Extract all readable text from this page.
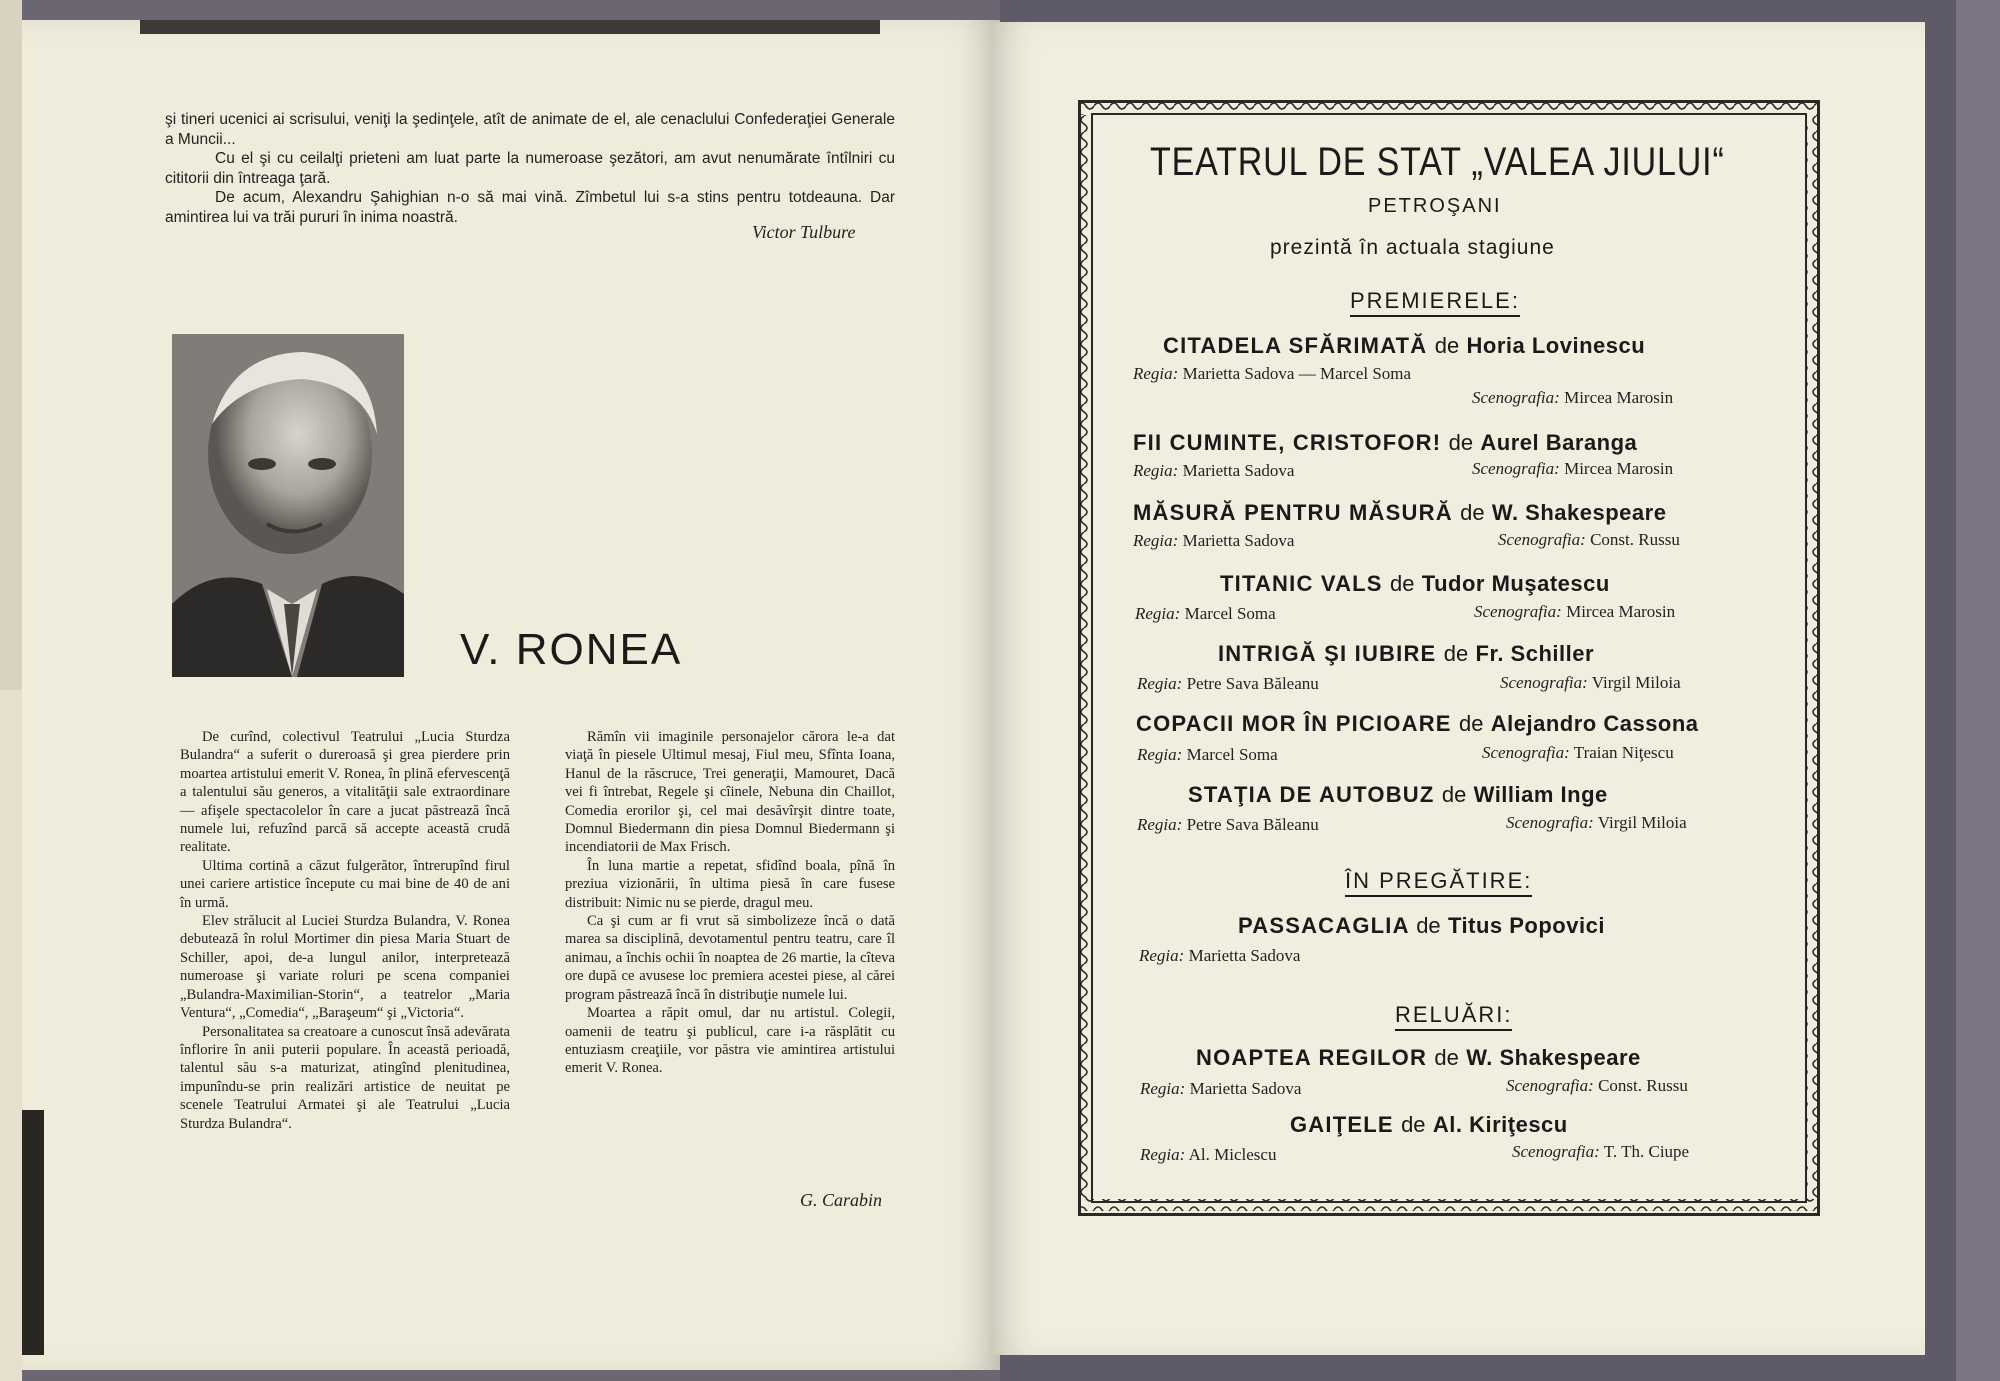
şi tineri ucenici ai scrisului, veniţi la şedinţele, atît de animate de el, ale cenaclului Confederaţiei Generale a Muncii...

Cu el şi cu ceilalţi prieteni am luat parte la numeroase şezători, am avut nenumărate întîlniri cu cititorii din întreaga ţară.

De acum, Alexandru Şahighian n-o să mai vină. Zîmbetul lui s-a stins pentru totdeauna. Dar amintirea lui va trăi pururi în inima noastră.

Victor Tulbure
V. RONEA

De curînd, colectivul Teatrului „Lucia Sturdza Bulandra“ a suferit o dureroasă şi grea pierdere prin moartea artistului emerit V. Ronea, în plină efervescenţă a talentului său generos, a vitalităţii sale extraordinare — afişele spectacolelor în care a jucat păstrează încă numele lui, refuzînd parcă să accepte această crudă realitate.

Ultima cortină a căzut fulgerător, întrerupînd firul unei cariere artistice începute cu mai bine de 40 de ani în urmă.

Elev strălucit al Luciei Sturdza Bulandra, V. Ronea debutează în rolul Mortimer din piesa Maria Stuart de Schiller, apoi, de-a lungul anilor, interpretează numeroase şi variate roluri pe scena companiei „Bulandra-Maximilian-Storin“, a teatrelor „Maria Ventura“, „Comedia“, „Baraşeum“ şi „Victoria“.

Personalitatea sa creatoare a cunoscut însă adevărata înflorire în anii puterii populare. În această perioadă, talentul său s-a maturizat, atingînd plenitudinea, impunîndu-se prin realizări artistice de neuitat pe scenele Teatrului Armatei şi ale Teatrului „Lucia Sturdza Bulandra“.

Rămîn vii imaginile personajelor cărora le-a dat viaţă în piesele Ultimul mesaj, Fiul meu, Sfînta Ioana, Hanul de la răscruce, Trei generaţii, Mamouret, Dacă vei fi întrebat, Regele şi cîinele, Nebuna din Chaillot, Comedia erorilor şi, cel mai desăvîrşit dintre toate, Domnul Biedermann din piesa Domnul Biedermann şi incendiatorii de Max Frisch.

În luna martie a repetat, sfidînd boala, pînă în preziua vizionării, în ultima piesă în care fusese distribuit: Nimic nu se pierde, dragul meu.

Ca şi cum ar fi vrut să simbolizeze încă o dată marea sa disciplină, devotamentul pentru teatru, care îl animau, a închis ochii în noaptea de 26 martie, la cîteva ore după ce avusese loc premiera acestei piese, al cărei program păstrează încă în distribuţie numele lui.

Moartea a răpit omul, dar nu artistul. Colegii, oamenii de teatru şi publicul, care i-a răsplătit cu entuziasm creaţiile, vor păstra vie amintirea artistului emerit V. Ronea.

G. Carabin
TEATRUL DE STAT „VALEA JIULUI“
PETROŞANI
prezintă în actuala stagiune
PREMIERELE:
CITADELA SFĂRIMATĂ de Horia Lovinescu
Regia: Marietta Sadova — Marcel Soma
Scenografia: Mircea Marosin
FII CUMINTE, CRISTOFOR! de Aurel Baranga
Regia: Marietta Sadova	Scenografia: Mircea Marosin
MĂSURĂ PENTRU MĂSURĂ de W. Shakespeare
Regia: Marietta Sadova	Scenografia: Const. Russu
TITANIC VALS de Tudor Muşatescu
Regia: Marcel Soma	Scenografia: Mircea Marosin
INTRIGĂ ŞI IUBIRE de Fr. Schiller
Regia: Petre Sava Băleanu	Scenografia: Virgil Miloia
COPACII MOR ÎN PICIOARE de Alejandro Cassona
Regia: Marcel Soma	Scenografia: Traian Niţescu
STAŢIA DE AUTOBUZ de William Inge
Regia: Petre Sava Băleanu	Scenografia: Virgil Miloia
ÎN PREGĂTIRE:
PASSACAGLIA de Titus Popovici
Regia: Marietta Sadova
RELUĂRI:
NOAPTEA REGILOR de W. Shakespeare
Regia: Marietta Sadova	Scenografia: Const. Russu
GAIŢELE de Al. Kiriţescu
Regia: Al. Miclescu	Scenografia: T. Th. Ciupe
